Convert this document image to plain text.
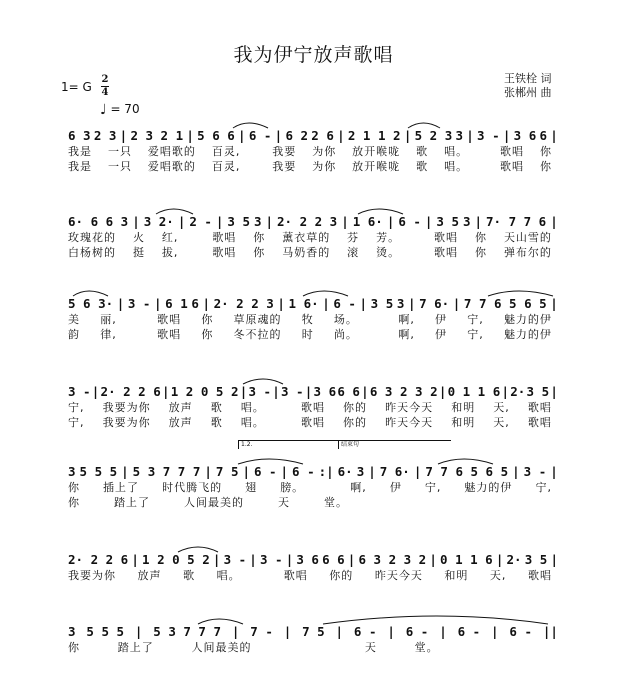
我为伊宁放声歌唱
王铁栓 词
张郴州 曲
1= G
2
4
♩ = 70
6 3 2 3 | 2 3 2 1 | 5 6 6 | 6 - | 6 2 2 6 | 2 1 1 2 | 5 2 3 3 | 3 - | 3 6 6 |
我是 一只 爱唱歌的 百灵,	我要 为你 放开喉咙 歌 唱。	歌唱 你
我是 一只 爱唱歌的 百灵,	我要 为你 放开喉咙 歌 唱。	歌唱 你
6· 6 6 3 | 3 2· | 2 - | 3 5 3 | 2· 2 2 3 | 1 6· | 6 - | 3 5 3 | 7· 7 7 6 |
玫瑰花的 火 红,	歌唱 你 薰衣草的 芬 芳。	歌唱 你 天山雪的
白杨树的 挺 拔,	歌唱 你 马奶香的 滚 烫。	歌唱 你 弹布尔的
5 6 3· | 3 - | 6 1 6 | 2· 2 2 3 | 1 6· | 6 - | 3 5 3 | 7 6· | 7 7 6 5 6 5 |
美 丽,	歌唱 你 草原魂的 牧 场。	啊, 伊 宁, 魅力的伊
韵 律,	歌唱 你 冬不拉的 时 尚。	啊, 伊 宁, 魅力的伊
3 - | 2· 2 2 6 | 1 2 0 5 2 | 3 - | 3 - | 3 6 6 6 | 6 3 2 3 2 | 0 1 1 6 | 2· 3 5 |
宁, 我要为你 放声 歌 唱。	歌唱 你的 昨天今天 和明 天, 歌唱
宁, 我要为你 放声 歌 唱。	歌唱 你的 昨天今天 和明 天, 歌唱
1.2.	结束句
3 5 5 5 | 5 3 7 7 7 | 7 5 | 6 - | 6 - :| 6· 3 | 7 6· | 7 7 6 5 6 5 | 3 - |
你 插上了 时代腾飞的 翅 膀。	啊, 伊 宁, 魅力的伊 宁,
你	踏上了	人间最美的	天	堂。
2· 2 2 6 | 1 2 0 5 2 | 3 - | 3 - | 3 6 6 6 | 6 3 2 3 2 | 0 1 1 6 | 2· 3 5 |
我要为你 放声 歌 唱。	歌唱 你的 昨天今天 和明 天, 歌唱
3 5 5 5 | 5 3 7 7 7 | 7 - | 7 5 | 6 - | 6 - | 6 - | 6 - ||
你	踏上了	人间最美的	天	堂。
